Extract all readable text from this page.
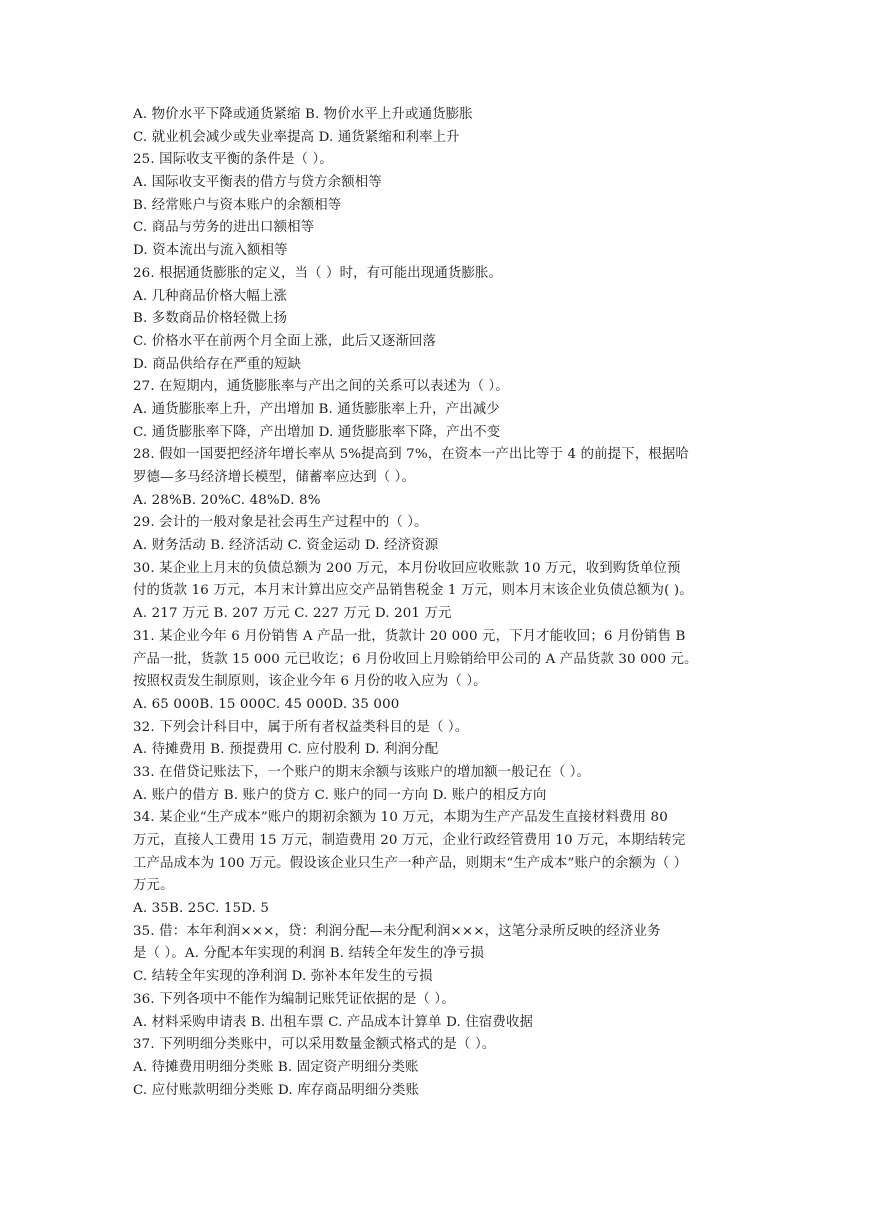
A. 物价水平下降或通货紧缩 B. 物价水平上升或通货膨胀
C. 就业机会减少或失业率提高 D. 通货紧缩和利率上升
25. 国际收支平衡的条件是（ ）。
A. 国际收支平衡表的借方与贷方余额相等
B. 经常账户与资本账户的余额相等
C. 商品与劳务的进出口额相等
D. 资本流出与流入额相等
26. 根据通货膨胀的定义，当（ ）时，有可能出现通货膨胀。
A. 几种商品价格大幅上涨
B. 多数商品价格轻微上扬
C. 价格水平在前两个月全面上涨，此后又逐渐回落
D. 商品供给存在严重的短缺
27. 在短期内，通货膨胀率与产出之间的关系可以表述为（ ）。
A. 通货膨胀率上升，产出增加 B. 通货膨胀率上升，产出减少
C. 通货膨胀率下降，产出增加 D. 通货膨胀率下降，产出不变
28. 假如一国要把经济年增长率从 5%提高到 7%，在资本一产出比等于 4 的前提下，根据哈
罗德—多马经济增长模型，储蓄率应达到（ ）。
A. 28%B. 20%C. 48%D. 8%
29. 会计的一般对象是社会再生产过程中的（ ）。
A. 财务活动 B. 经济活动 C. 资金运动 D. 经济资源
30. 某企业上月末的负债总额为 200 万元，本月份收回应收账款 10 万元，收到购货单位预
付的货款 16 万元，本月末计算出应交产品销售税金 1 万元，则本月末该企业负债总额为( )。
A. 217 万元 B. 207 万元 C. 227 万元 D. 201 万元
31. 某企业今年 6 月份销售 A 产品一批，货款计 20 000 元，下月才能收回；6 月份销售 B
产品一批，货款 15 000 元已收讫；6 月份收回上月赊销给甲公司的 A 产品货款 30 000 元。
按照权责发生制原则，该企业今年 6 月份的收入应为（ ）。
A. 65 000B. 15 000C. 45 000D. 35 000
32. 下列会计科目中，属于所有者权益类科目的是（ ）。
A. 待摊费用 B. 预提费用 C. 应付股利 D. 利润分配
33. 在借贷记账法下，一个账户的期末余额与该账户的增加额一般记在（ ）。
A. 账户的借方 B. 账户的贷方 C. 账户的同一方向 D. 账户的相反方向
34. 某企业“生产成本”账户的期初余额为 10 万元，本期为生产产品发生直接材料费用 80
万元，直接人工费用 15 万元，制造费用 20 万元，企业行政经管费用 10 万元，本期结转完
工产品成本为 100 万元。假设该企业只生产一种产品，则期末“生产成本”账户的余额为（ ）
万元。
A. 35B. 25C. 15D. 5
35. 借：本年利润×××，贷：利润分配—未分配利润×××，这笔分录所反映的经济业务
是（ ）。A. 分配本年实现的利润 B. 结转全年发生的净亏损
C. 结转全年实现的净利润 D. 弥补本年发生的亏损
36. 下列各项中不能作为编制记账凭证依据的是（ ）。
A. 材料采购申请表 B. 出租车票 C. 产品成本计算单 D. 住宿费收据
37. 下列明细分类账中，可以采用数量金额式格式的是（ ）。
A. 待摊费用明细分类账 B. 固定资产明细分类账
C. 应付账款明细分类账 D. 库存商品明细分类账
